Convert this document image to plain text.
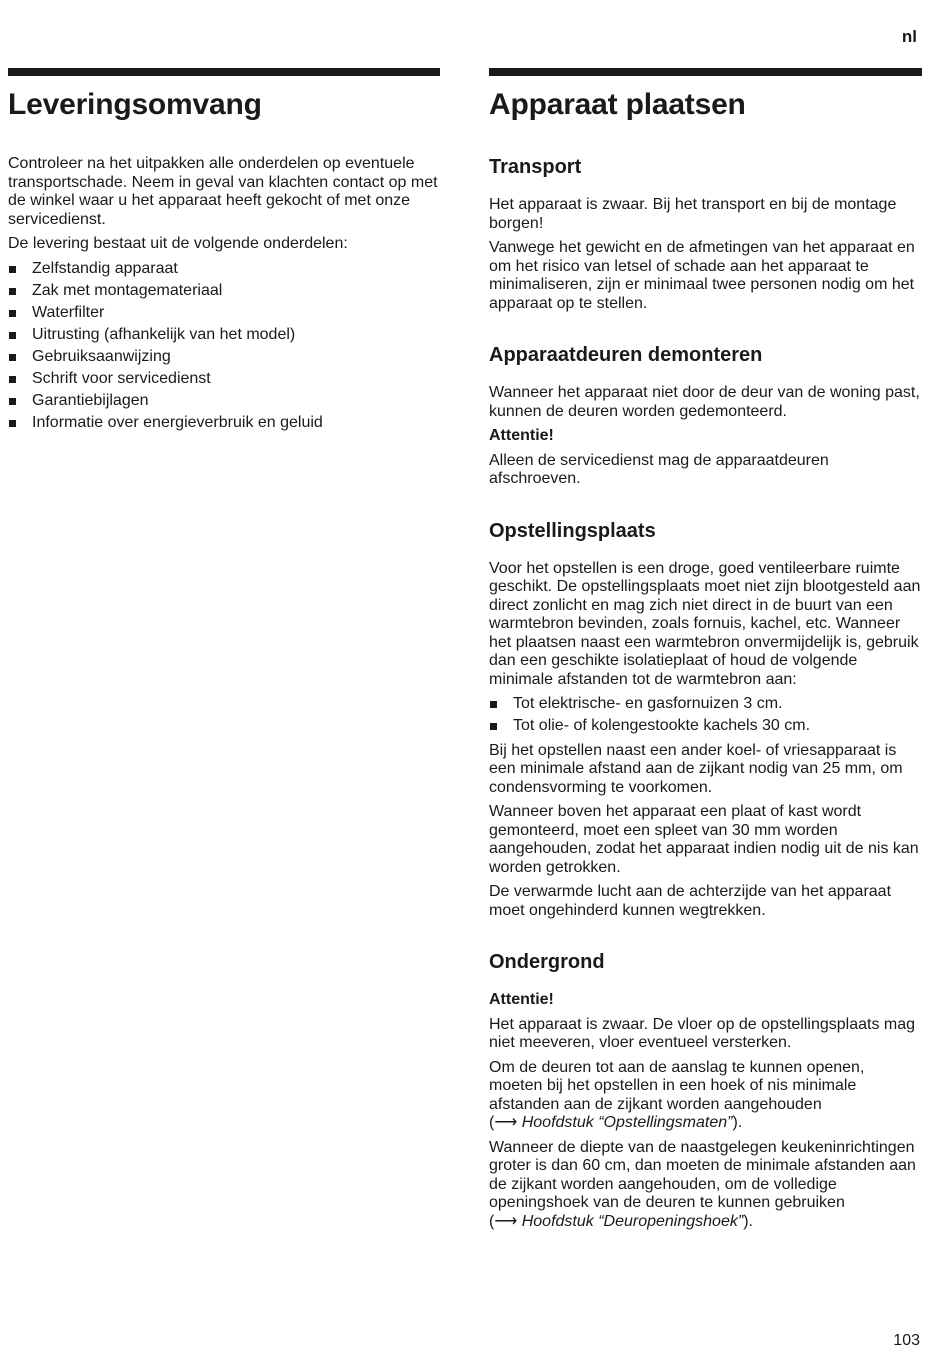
nl
Leveringsomvang

Controleer na het uitpakken alle onderdelen op eventuele transportschade. Neem in geval van klachten contact op met de winkel waar u het apparaat heeft gekocht of met onze servicedienst.

De levering bestaat uit de volgende onderdelen:

Zelfstandig apparaat
Zak met montagemateriaal
Waterfilter
Uitrusting (afhankelijk van het model)
Gebruiksaanwijzing
Schrift voor servicedienst
Garantiebijlagen
Informatie over energieverbruik en geluid
Apparaat plaatsen
Transport

Het apparaat is zwaar. Bij het transport en bij de montage borgen!

Vanwege het gewicht en de afmetingen van het apparaat en om het risico van letsel of schade aan het apparaat te minimaliseren, zijn er minimaal twee personen nodig om het apparaat op te stellen.

Apparaatdeuren demonteren

Wanneer het apparaat niet door de deur van de woning past, kunnen de deuren worden gedemonteerd.

Attentie!

Alleen de servicedienst mag de apparaatdeuren afschroeven.

Opstellingsplaats

Voor het opstellen is een droge, goed ventileerbare ruimte geschikt. De opstellingsplaats moet niet zijn blootgesteld aan direct zonlicht en mag zich niet direct in de buurt van een warmtebron bevinden, zoals fornuis, kachel, etc. Wanneer het plaatsen naast een warmtebron onvermijdelijk is, gebruik dan een geschikte isolatieplaat of houd de volgende minimale afstanden tot de warmtebron aan:

Tot elektrische- en gasfornuizen 3 cm.
Tot olie- of kolengestookte kachels 30 cm.

Bij het opstellen naast een ander koel- of vriesapparaat is een minimale afstand aan de zijkant nodig van 25 mm, om condensvorming te voorkomen.

Wanneer boven het apparaat een plaat of kast wordt gemonteerd, moet een spleet van 30 mm worden aangehouden, zodat het apparaat indien nodig uit de nis kan worden getrokken.

De verwarmde lucht aan de achterzijde van het apparaat moet ongehinderd kunnen wegtrekken.

Ondergrond
Attentie!

Het apparaat is zwaar. De vloer op de opstellingsplaats mag niet meeveren, vloer eventueel versterken.

Om de deuren tot aan de aanslag te kunnen openen, moeten bij het opstellen in een hoek of nis minimale afstanden aan de zijkant worden aangehouden
(⟶ Hoofdstuk “Opstellingsmaten”).

Wanneer de diepte van de naastgelegen keukeninrichtingen groter is dan 60 cm, dan moeten de minimale afstanden aan de zijkant worden aangehouden, om de volledige openingshoek van de deuren te kunnen gebruiken
(⟶ Hoofdstuk “Deuropeningshoek”).

103
